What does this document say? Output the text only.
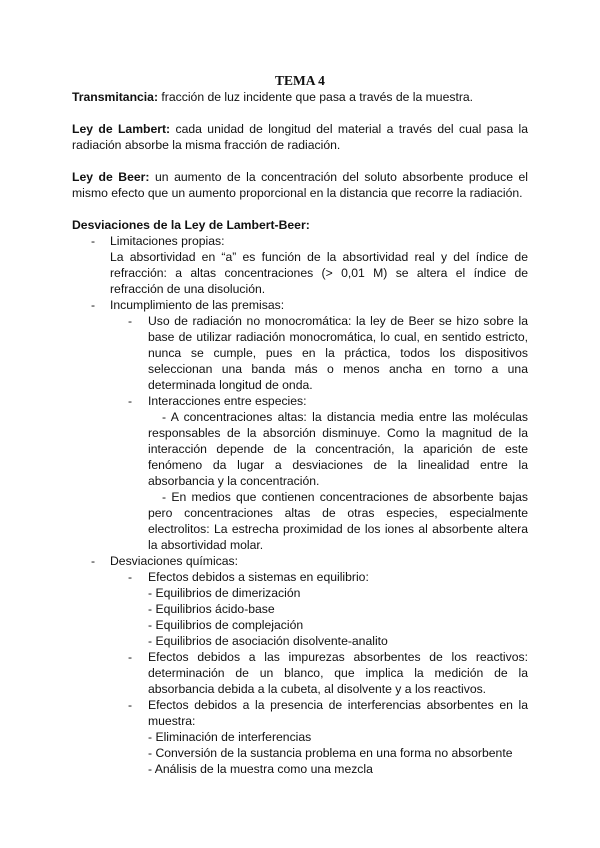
TEMA 4

Transmitancia: fracción de luz incidente que pasa a través de la muestra.

Ley de Lambert: cada unidad de longitud del material a través del cual pasa la radiación absorbe la misma fracción de radiación.

Ley de Beer: un aumento de la concentración del soluto absorbente produce el mismo efecto que un aumento proporcional en la distancia que recorre la radiación.

Desviaciones de la Ley de Lambert-Beer:
- Limitaciones propias:
La absortividad en “a” es función de la absortividad real y del índice de refracción: a altas concentraciones (> 0,01 M) se altera el índice de refracción de una disolución.
- Incumplimiento de las premisas:
- Uso de radiación no monocromática: la ley de Beer se hizo sobre la base de utilizar radiación monocromática, lo cual, en sentido estricto, nunca se cumple, pues en la práctica, todos los dispositivos seleccionan una banda más o menos ancha en torno a una determinada longitud de onda.
- Interacciones entre especies:
- A concentraciones altas: la distancia media entre las moléculas responsables de la absorción disminuye. Como la magnitud de la interacción depende de la concentración, la aparición de este fenómeno da lugar a desviaciones de la linealidad entre la absorbancia y la concentración.
- En medios que contienen concentraciones de absorbente bajas pero concentraciones altas de otras especies, especialmente electrolitos: La estrecha proximidad de los iones al absorbente altera la absortividad molar.
- Desviaciones químicas:
- Efectos debidos a sistemas en equilibrio:
- Equilibrios de dimerización
- Equilibrios ácido-base
- Equilibrios de complejación
- Equilibrios de asociación disolvente-analito
- Efectos debidos a las impurezas absorbentes de los reactivos: determinación de un blanco, que implica la medición de la absorbancia debida a la cubeta, al disolvente y a los reactivos.
- Efectos debidos a la presencia de interferencias absorbentes en la muestra:
- Eliminación de interferencias
- Conversión de la sustancia problema en una forma no absorbente
- Análisis de la muestra como una mezcla
